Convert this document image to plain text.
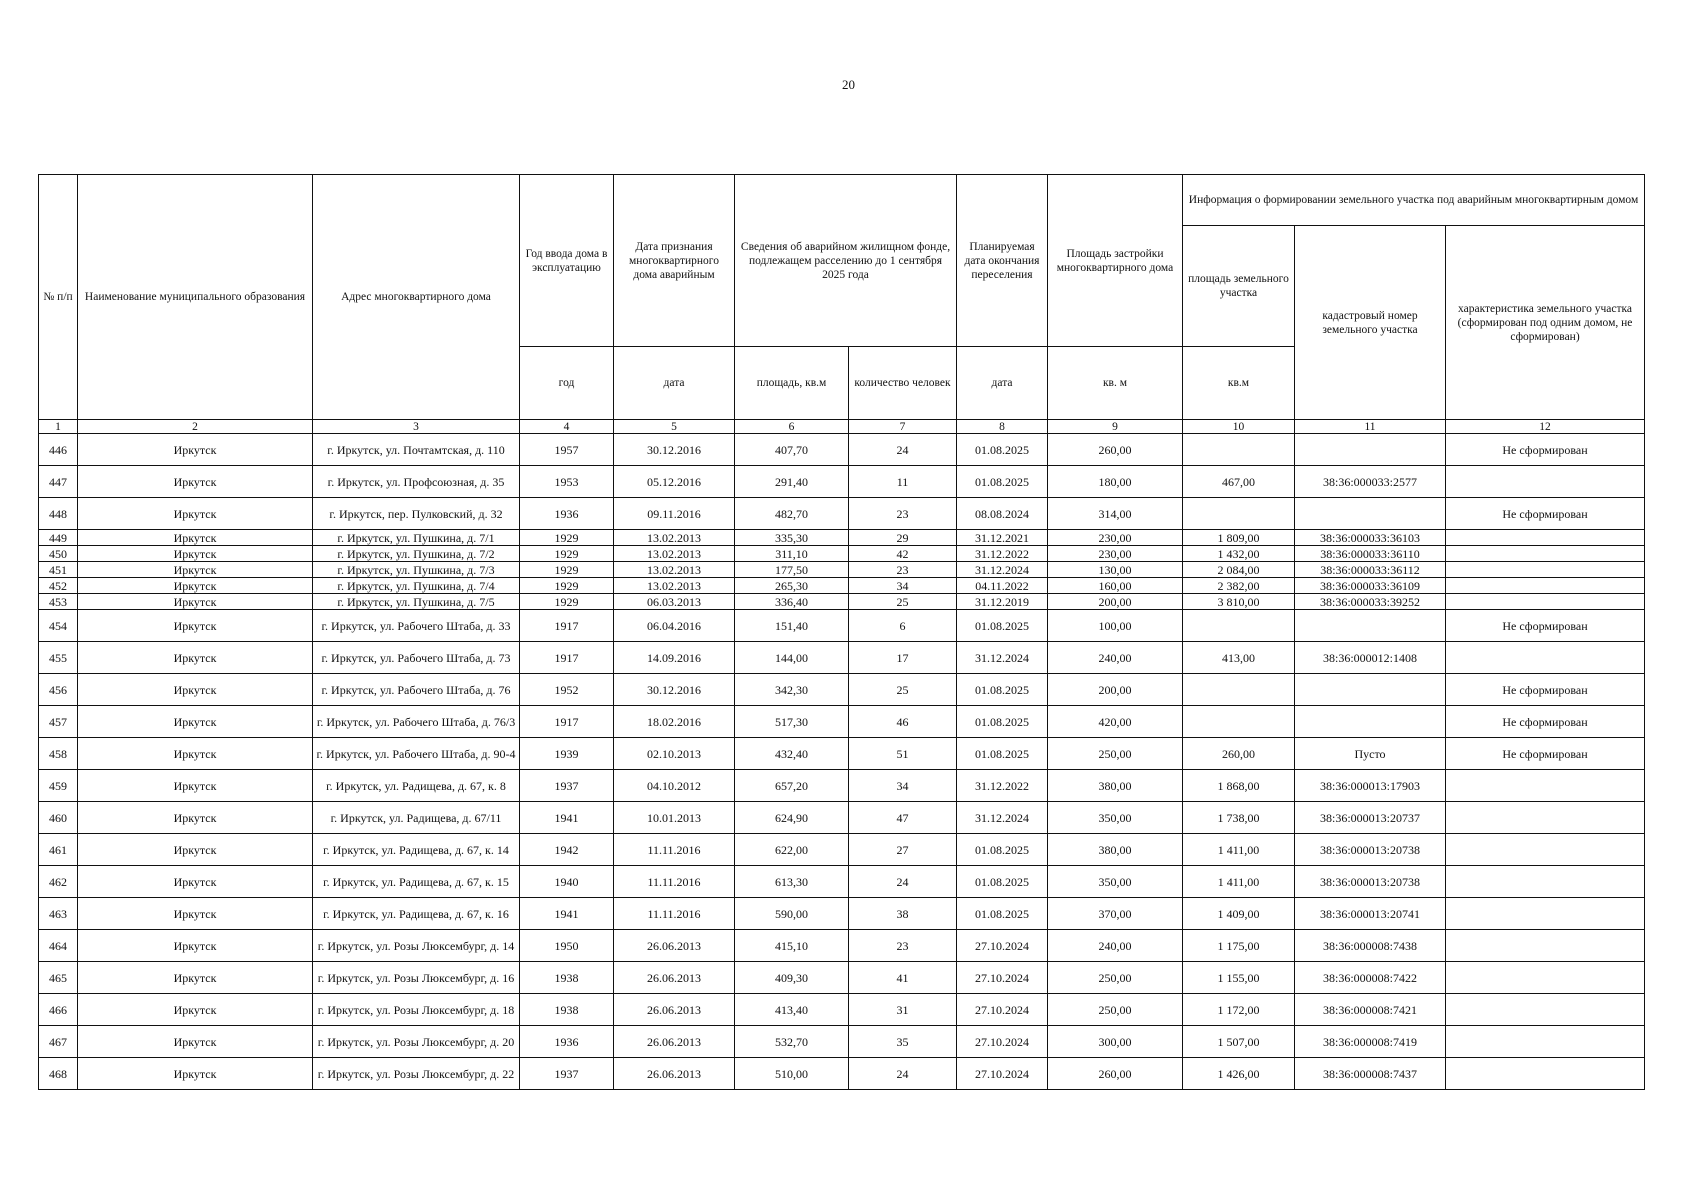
20
№ п/п	Наименование муниципального образования	Адрес многоквартирного дома	Год ввода дома в эксплуатацию	Дата признания многоквартирного дома аварийным	Сведения об аварийном жилищном фонде, подлежащем расселению до 1 сентября 2025 года		Планируемая дата окончания переселения	Площадь застройки многоквартирного дома	Информация о формировании земельного участка под аварийным многоквартирным домом		
									площадь земельного участка	кадастровый номер земельного участка	характеристика земельного участка (сформирован под одним домом, не сформирован)
			год	дата	площадь, кв.м	количество человек	дата	кв. м	кв.м		
1	2	3	4	5	6	7	8	9	10	11	12
446	Иркутск	г. Иркутск, ул. Почтамтская, д. 110	1957	30.12.2016	407,70	24	01.08.2025	260,00			Не сформирован
447	Иркутск	г. Иркутск, ул. Профсоюзная, д. 35	1953	05.12.2016	291,40	11	01.08.2025	180,00	467,00	38:36:000033:2577	
448	Иркутск	г. Иркутск, пер. Пулковский, д. 32	1936	09.11.2016	482,70	23	08.08.2024	314,00			Не сформирован
449	Иркутск	г. Иркутск, ул. Пушкина, д. 7/1	1929	13.02.2013	335,30	29	31.12.2021	230,00	1 809,00	38:36:000033:36103	
450	Иркутск	г. Иркутск, ул. Пушкина, д. 7/2	1929	13.02.2013	311,10	42	31.12.2022	230,00	1 432,00	38:36:000033:36110	
451	Иркутск	г. Иркутск, ул. Пушкина, д. 7/3	1929	13.02.2013	177,50	23	31.12.2024	130,00	2 084,00	38:36:000033:36112	
452	Иркутск	г. Иркутск, ул. Пушкина, д. 7/4	1929	13.02.2013	265,30	34	04.11.2022	160,00	2 382,00	38:36:000033:36109	
453	Иркутск	г. Иркутск, ул. Пушкина, д. 7/5	1929	06.03.2013	336,40	25	31.12.2019	200,00	3 810,00	38:36:000033:39252	
454	Иркутск	г. Иркутск, ул. Рабочего Штаба, д. 33	1917	06.04.2016	151,40	6	01.08.2025	100,00			Не сформирован
455	Иркутск	г. Иркутск, ул. Рабочего Штаба, д. 73	1917	14.09.2016	144,00	17	31.12.2024	240,00	413,00	38:36:000012:1408	
456	Иркутск	г. Иркутск, ул. Рабочего Штаба, д. 76	1952	30.12.2016	342,30	25	01.08.2025	200,00			Не сформирован
457	Иркутск	г. Иркутск, ул. Рабочего Штаба, д. 76/3	1917	18.02.2016	517,30	46	01.08.2025	420,00			Не сформирован
458	Иркутск	г. Иркутск, ул. Рабочего Штаба, д. 90-4	1939	02.10.2013	432,40	51	01.08.2025	250,00	260,00	Пусто	Не сформирован
459	Иркутск	г. Иркутск, ул. Радищева, д. 67, к. 8	1937	04.10.2012	657,20	34	31.12.2022	380,00	1 868,00	38:36:000013:17903	
460	Иркутск	г. Иркутск, ул. Радищева, д. 67/11	1941	10.01.2013	624,90	47	31.12.2024	350,00	1 738,00	38:36:000013:20737	
461	Иркутск	г. Иркутск, ул. Радищева, д. 67, к. 14	1942	11.11.2016	622,00	27	01.08.2025	380,00	1 411,00	38:36:000013:20738	
462	Иркутск	г. Иркутск, ул. Радищева, д. 67, к. 15	1940	11.11.2016	613,30	24	01.08.2025	350,00	1 411,00	38:36:000013:20738	
463	Иркутск	г. Иркутск, ул. Радищева, д. 67, к. 16	1941	11.11.2016	590,00	38	01.08.2025	370,00	1 409,00	38:36:000013:20741	
464	Иркутск	г. Иркутск, ул. Розы Люксембург, д. 14	1950	26.06.2013	415,10	23	27.10.2024	240,00	1 175,00	38:36:000008:7438	
465	Иркутск	г. Иркутск, ул. Розы Люксембург, д. 16	1938	26.06.2013	409,30	41	27.10.2024	250,00	1 155,00	38:36:000008:7422	
466	Иркутск	г. Иркутск, ул. Розы Люксембург, д. 18	1938	26.06.2013	413,40	31	27.10.2024	250,00	1 172,00	38:36:000008:7421	
467	Иркутск	г. Иркутск, ул. Розы Люксембург, д. 20	1936	26.06.2013	532,70	35	27.10.2024	300,00	1 507,00	38:36:000008:7419	
468	Иркутск	г. Иркутск, ул. Розы Люксембург, д. 22	1937	26.06.2013	510,00	24	27.10.2024	260,00	1 426,00	38:36:000008:7437	
